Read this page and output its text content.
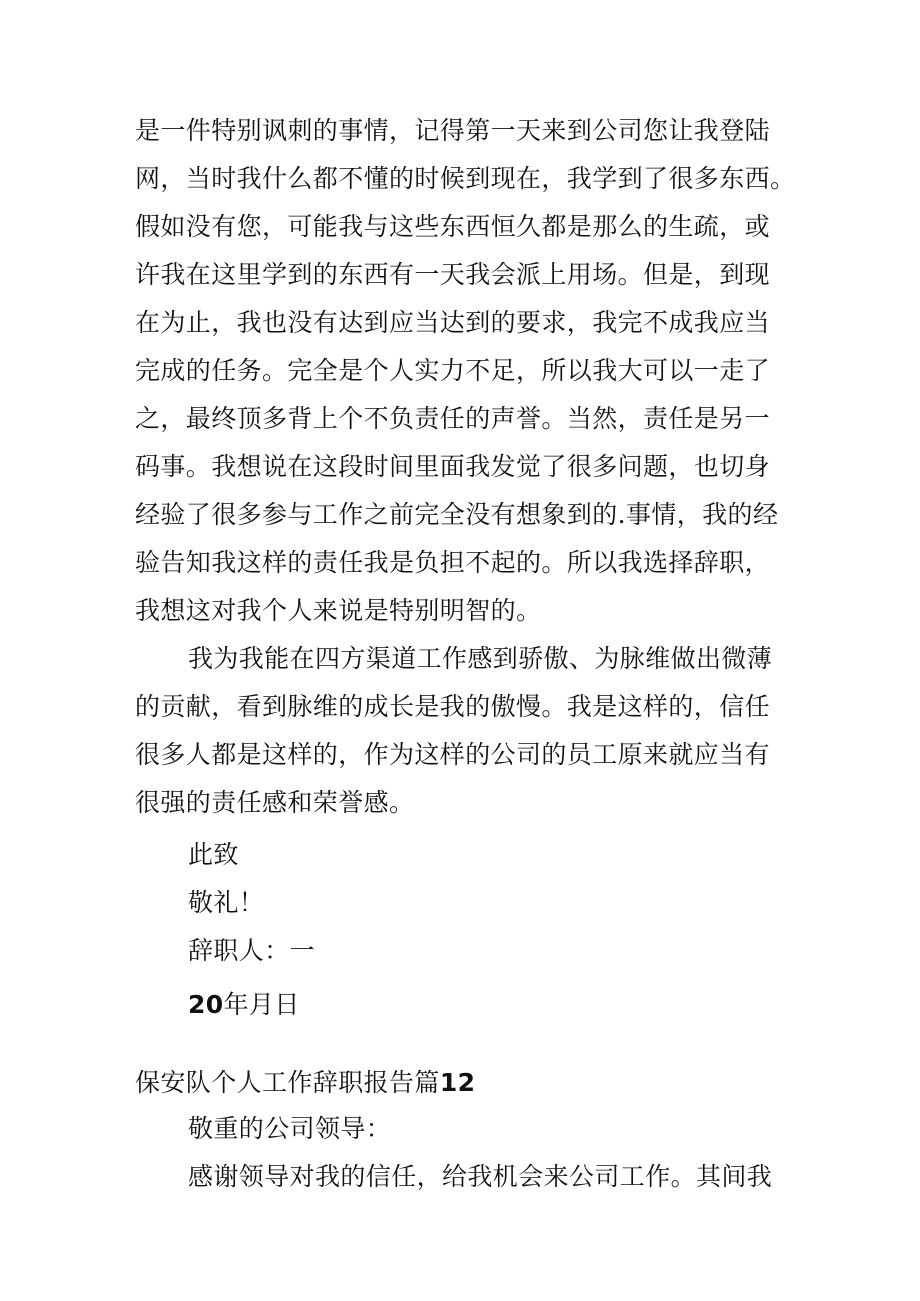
是一件特别讽刺的事情，记得第一天来到公司您让我登陆
网，当时我什么都不懂的时候到现在，我学到了很多东西。
假如没有您，可能我与这些东西恒久都是那么的生疏，或
许我在这里学到的东西有一天我会派上用场。但是，到现
在为止，我也没有达到应当达到的要求，我完不成我应当
完成的任务。完全是个人实力不足，所以我大可以一走了
之，最终顶多背上个不负责任的声誉。当然，责任是另一
码事。我想说在这段时间里面我发觉了很多问题，也切身
经验了很多参与工作之前完全没有想象到的.事情，我的经
验告知我这样的责任我是负担不起的。所以我选择辞职，
我想这对我个人来说是特别明智的。
我为我能在四方渠道工作感到骄傲、为脉维做出微薄
的贡献，看到脉维的成长是我的傲慢。我是这样的，信任
很多人都是这样的，作为这样的公司的员工原来就应当有
很强的责任感和荣誉感。
此致
敬礼！
辞职人：一
20年月日
保安队个人工作辞职报告篇12
敬重的公司领导：
感谢领导对我的信任，给我机会来公司工作。其间我
